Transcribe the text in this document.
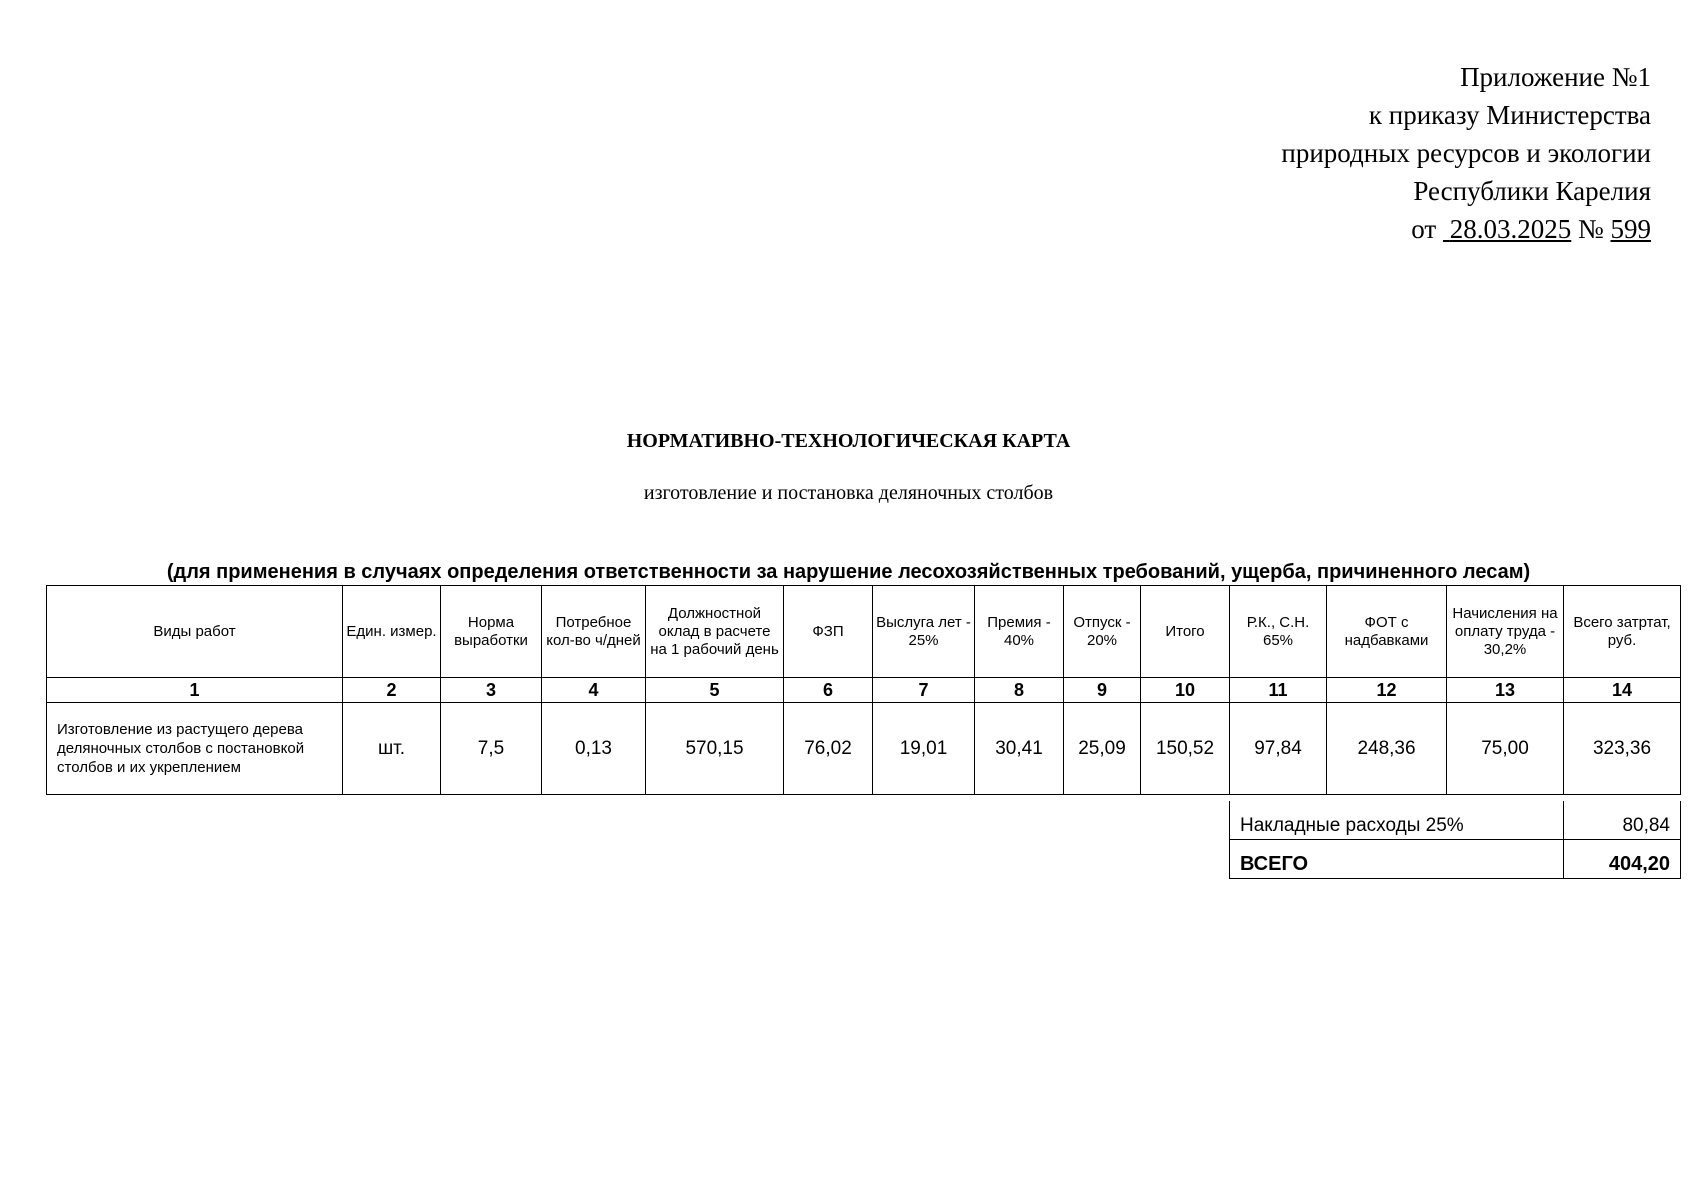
Приложение №1
к приказу Министерства
природных ресурсов и экологии
Республики Карелия
от 28.03.2025 № 599
НОРМАТИВНО-ТЕХНОЛОГИЧЕСКАЯ КАРТА
изготовление и постановка деляночных столбов
(для применения в случаях определения ответственности за нарушение лесохозяйственных требований, ущерба, причиненного лесам)
Виды работ	Един. измер.	Норма выработки	Потребное кол-во ч/дней	Должностной оклад в расчете на 1 рабочий день	ФЗП	Выслуга лет - 25%	Премия - 40%	Отпуск - 20%	Итого	Р.К., С.Н. 65%	ФОТ с надбавками	Начисления на оплату труда - 30,2%	Всего затртат, руб.
1	2	3	4	5	6	7	8	9	10	11	12	13	14
Изготовление из растущего дерева деляночных столбов с постановкой столбов и их укреплением	шт.	7,5	0,13	570,15	76,02	19,01	30,41	25,09	150,52	97,84	248,36	75,00	323,36
Накладные расходы 25%	80,84
ВСЕГО	404,20
